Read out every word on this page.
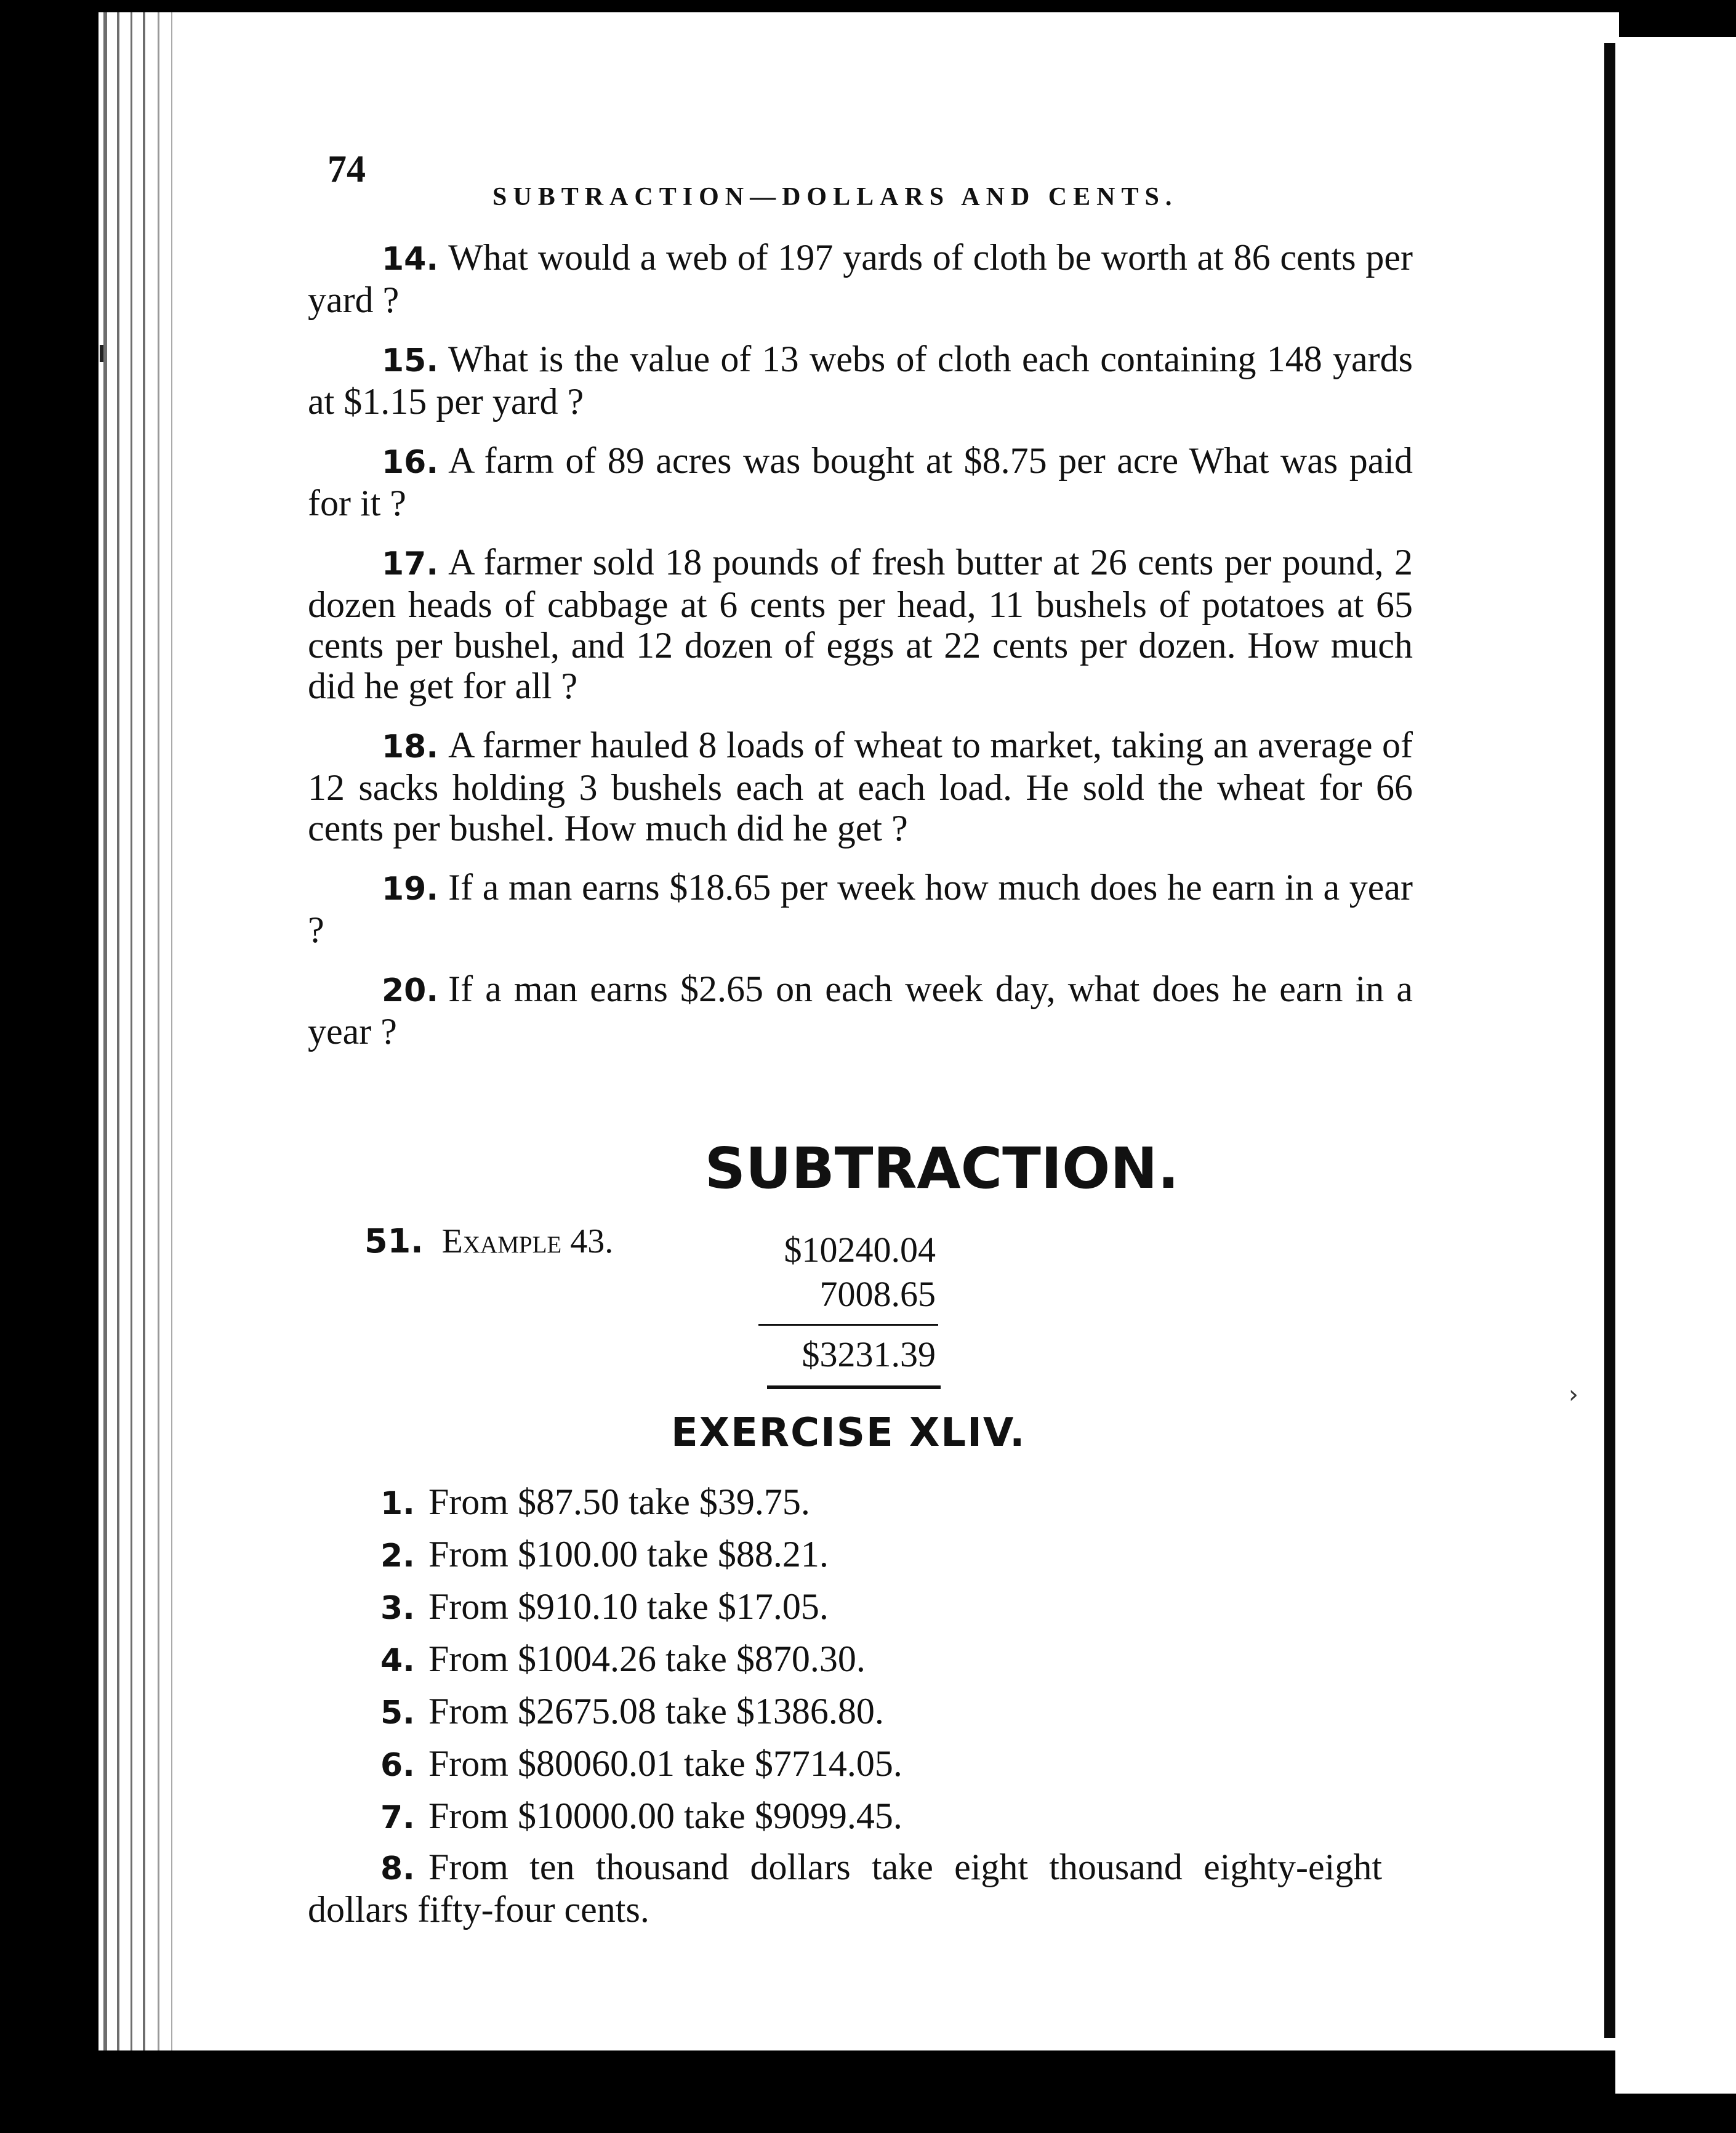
74
SUBTRACTION—DOLLARS AND CENTS.

14. What would a web of 197 yards of cloth be worth at 86 cents per yard ?

15. What is the value of 13 webs of cloth each containing 148 yards at $1.15 per yard ?

16. A farm of 89 acres was bought at $8.75 per acre What was paid for it ?

17. A farmer sold 18 pounds of fresh butter at 26 cents per pound, 2 dozen heads of cabbage at 6 cents per head, 11 bushels of potatoes at 65 cents per bushel, and 12 dozen of eggs at 22 cents per dozen. How much did he get for all ?

18. A farmer hauled 8 loads of wheat to market, taking an average of 12 sacks holding 3 bushels each at each load. He sold the wheat for 66 cents per bushel. How much did he get ?

19. If a man earns $18.65 per week how much does he earn in a year ?

20. If a man earns $2.65 on each week day, what does he earn in a year ?

SUBTRACTION.
51. Example 43.	$10240.04
7008.65
$3231.39
›
EXERCISE XLIV.
1. From $87.50 take $39.75.
2. From $100.00 take $88.21.
3. From $910.10 take $17.05.
4. From $1004.26 take $870.30.
5. From $2675.08 take $1386.80.
6. From $80060.01 take $7714.05.
7. From $10000.00 take $9099.45.
8. From ten thousand dollars take eight thousand eighty-eight dollars fifty-four cents.
